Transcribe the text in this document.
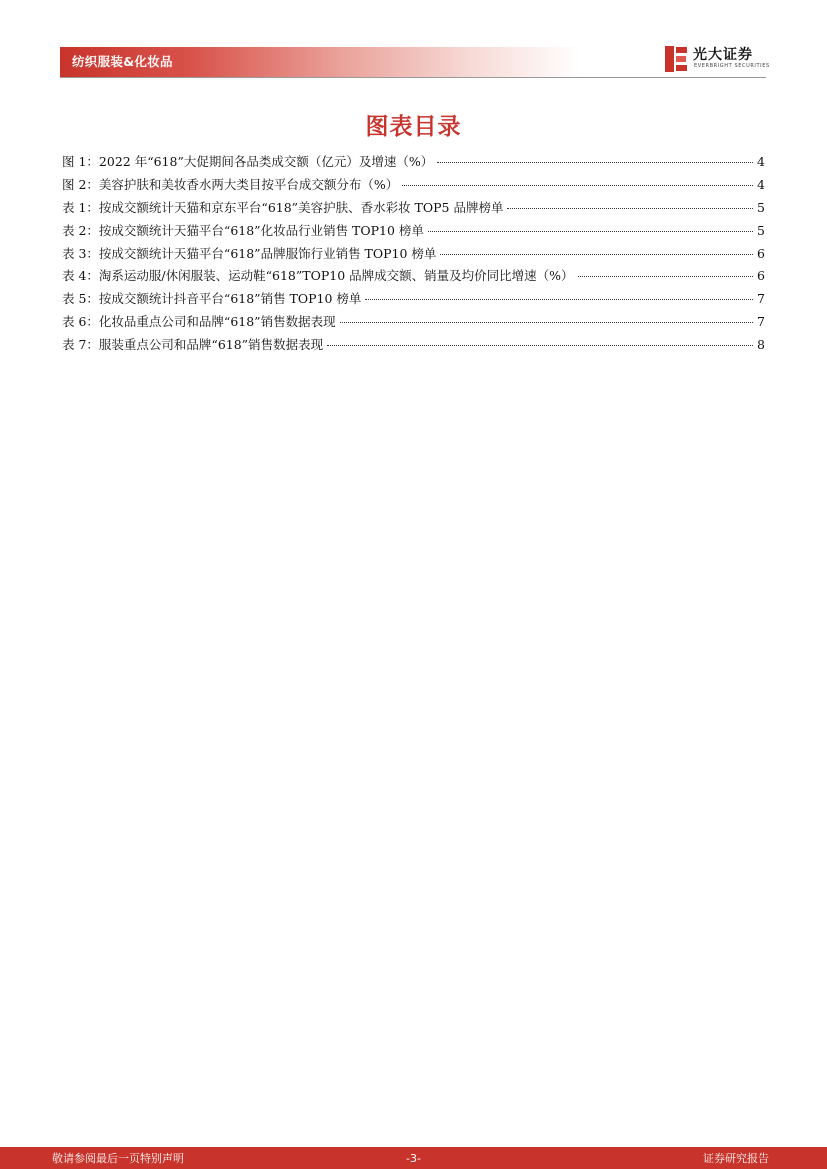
纺织服装&化妆品	光大证券
EVERBRIGHT SECURITIES
图表目录
图 1：2022 年“618”大促期间各品类成交额（亿元）及增速（%）	4
图 2：美容护肤和美妆香水两大类目按平台成交额分布（%）	4
表 1：按成交额统计天猫和京东平台“618”美容护肤、香水彩妆 TOP5 品牌榜单	5
表 2：按成交额统计天猫平台“618”化妆品行业销售 TOP10 榜单	5
表 3：按成交额统计天猫平台“618”品牌服饰行业销售 TOP10 榜单	6
表 4：淘系运动服/休闲服装、运动鞋“618”TOP10 品牌成交额、销量及均价同比增速（%）	6
表 5：按成交额统计抖音平台“618”销售 TOP10 榜单	7
表 6：化妆品重点公司和品牌“618”销售数据表现	7
表 7：服装重点公司和品牌“618”销售数据表现	8
敬请参阅最后一页特别声明	-3-	证券研究报告
